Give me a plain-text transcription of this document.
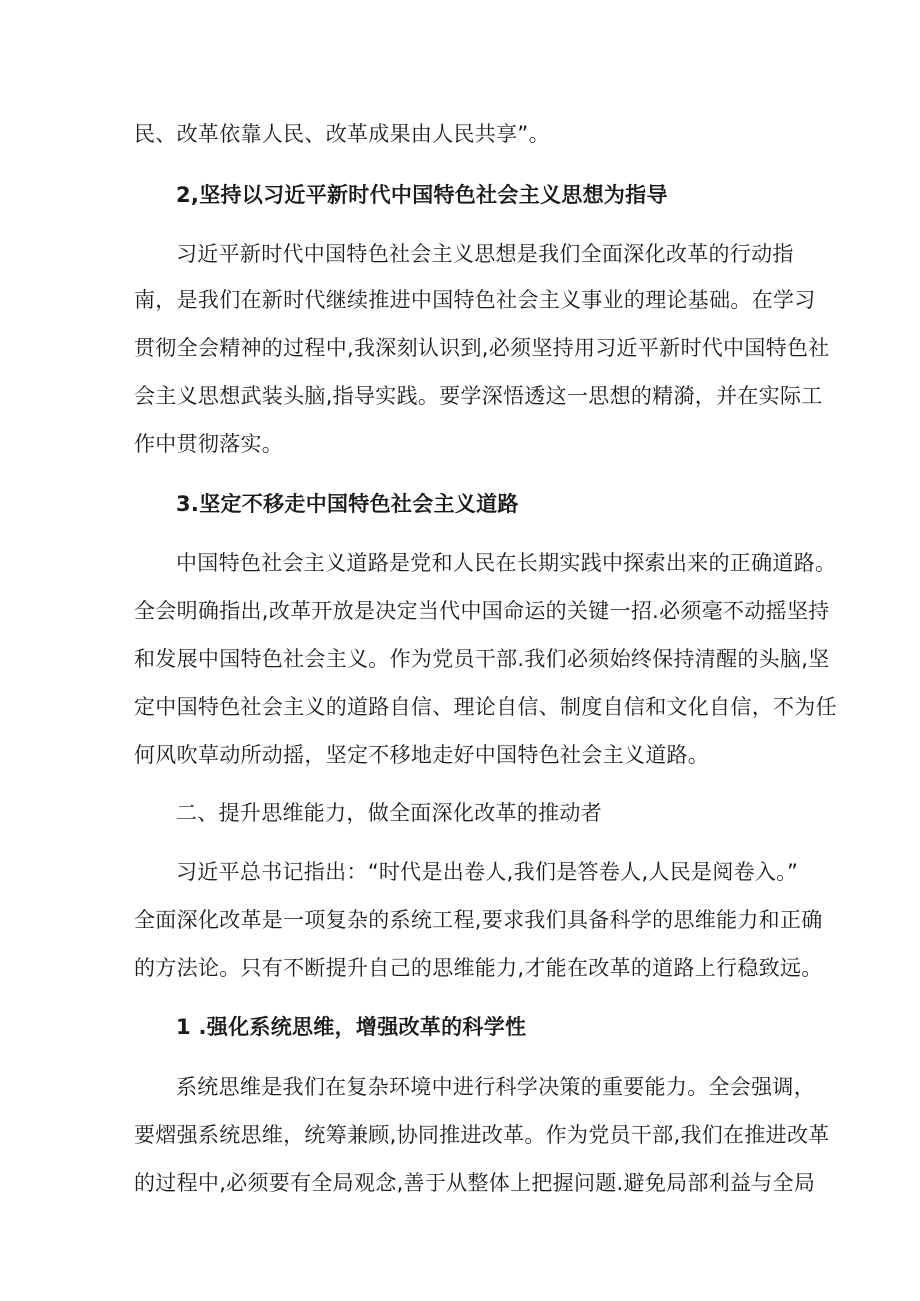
民、改革依靠人民、改革成果由人民共享”。
2,坚持以习近平新时代中国特色社会主义思想为指导
习近平新时代中国特色社会主义思想是我们全面深化改革的行动指
南，是我们在新时代继续推进中国特色社会主义事业的理论基础。在学习
贯彻全会精神的过程中,我深刻认识到,必须坚持用习近平新时代中国特色社
会主义思想武装头脑,指导实践。要学深悟透这一思想的精漪，并在实际工
作中贯彻落实。
3.坚定不移走中国特色社会主义道路
中国特色社会主义道路是党和人民在长期实践中探索出来的正确道路。
全会明确指出,改革开放是决定当代中国命运的关键一招.必须毫不动摇坚持
和发展中国特色社会主义。作为党员干部.我们必须始终保持清醒的头脑,坚
定中国特色社会主义的道路自信、理论自信、制度自信和文化自信，不为任
何风吹草动所动摇，坚定不移地走好中国特色社会主义道路。
二、提升思维能力，做全面深化改革的推动者
习近平总书记指出：“时代是出卷人,我们是答卷人,人民是阅卷入。”
全面深化改革是一项复杂的系统工程,要求我们具备科学的思维能力和正确
的方法论。只有不断提升自己的思维能力,才能在改革的道路上行稳致远。
1 .强化系统思维，增强改革的科学性
系统思维是我们在复杂环境中进行科学决策的重要能力。全会强调，
要熠强系统思维，统筹兼顾,协同推进改革。作为党员干部,我们在推进改革
的过程中,必须要有全局观念,善于从整体上把握问题.避免局部利益与全局
